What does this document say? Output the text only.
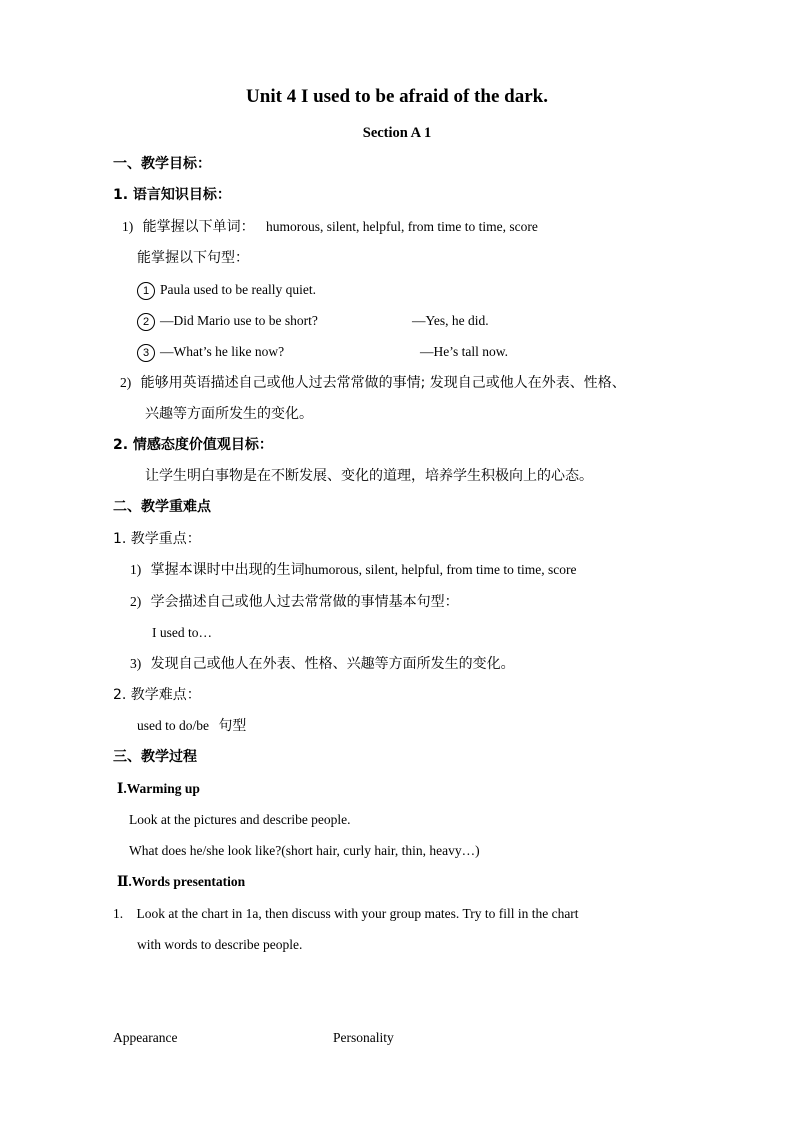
Unit 4 I used to be afraid of the dark.
Section A 1
一、教学目标：
1. 语言知识目标：
1) 能掌握以下单词： humorous, silent, helpful, from time to time, score
能掌握以下句型：
1 Paula used to be really quiet.
2 —Did Mario use to be short?	—Yes, he did.
3 —What’s he like now?	—He’s tall now.
2) 能够用英语描述自己或他人过去常常做的事情; 发现自己或他人在外表、性格、
兴趣等方面所发生的变化。
2. 情感态度价值观目标：
让学生明白事物是在不断发展、变化的道理，培养学生积极向上的心态。
二、教学重难点
1. 教学重点：
1) 掌握本课时中出现的生词humorous, silent, helpful, from time to time, score
2) 学会描述自己或他人过去常常做的事情基本句型：
I used to…
3) 发现自己或他人在外表、性格、兴趣等方面所发生的变化。
2. 教学难点：
used to do/be 句型
三、教学过程
Ⅰ.Warming up
Look at the pictures and describe people.
What does he/she look like?(short hair, curly hair, thin, heavy…)
Ⅱ.Words presentation
1. Look at the chart in 1a, then discuss with your group mates. Try to fill in the chart
with words to describe people.
Appearance	Personality
